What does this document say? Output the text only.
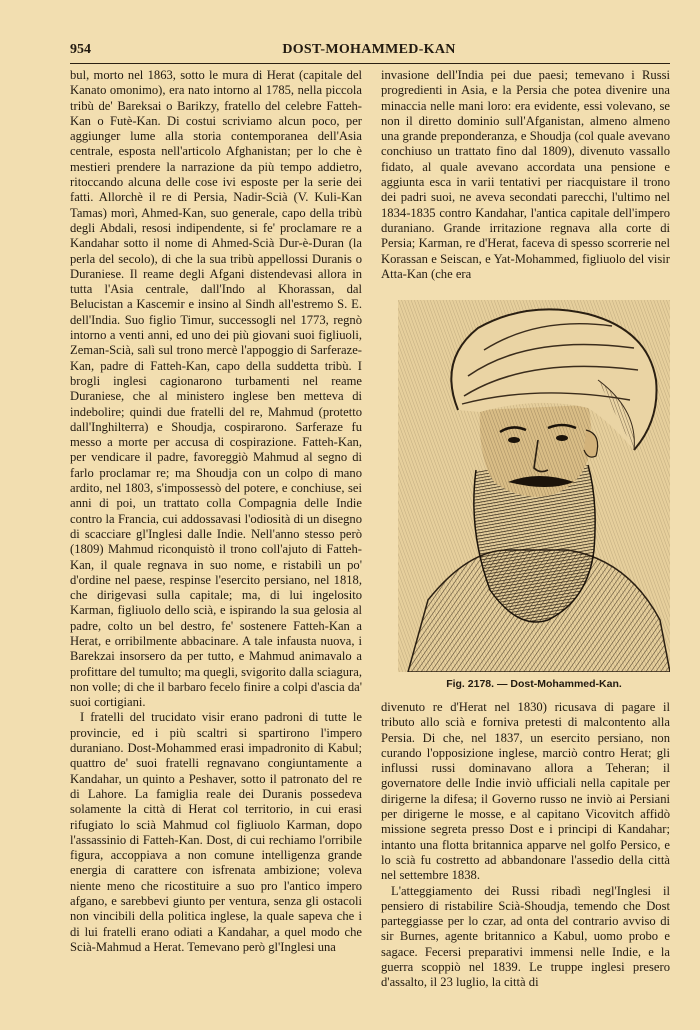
954	DOST-MOHAMMED-KAN

bul, morto nel 1863, sotto le mura di Herat (capitale del Kanato omonimo), era nato intorno al 1785, nella piccola tribù de' Bareksai o Barikzy, fratello del celebre Fatteh-Kan o Futè-Kan. Di costui scriviamo alcun poco, per aggiunger lume alla storia contemporanea dell'Asia centrale, esposta nell'articolo Afghanistan; per lo che è mestieri prendere la narrazione da più tempo addietro, ritoccando alcuna delle cose ivi esposte per la serie dei fatti. Allorchè il re di Persia, Nadir-Scià (V. Kuli-Kan Tamas) morì, Ahmed-Kan, suo generale, capo della tribù degli Abdali, resosi indipendente, si fe' proclamare re a Kandahar sotto il nome di Ahmed-Scià Dur-è-Duran (la perla del secolo), di che la sua tribù appellossi Duranis o Duraniese. Il reame degli Afgani distendevasi allora in tutta l'Asia centrale, dall'Indo al Khorassan, dal Belucistan a Kascemir e insino al Sindh all'estremo S. E. dell'India. Suo figlio Timur, successogli nel 1773, regnò intorno a venti anni, ed uno dei più giovani suoi figliuoli, Zeman-Scià, salì sul trono mercè l'appoggio di Sarferaze-Kan, padre di Fatteh-Kan, capo della suddetta tribù. I brogli inglesi cagionarono turbamenti nel reame Duraniese, che al ministero inglese ben metteva di indebolire; quindi due fratelli del re, Mahmud (protetto dall'Inghilterra) e Shoudja, cospirarono. Sarferaze fu messo a morte per accusa di cospirazione. Fatteh-Kan, per vendicare il padre, favoreggiò Mahmud al segno di farlo proclamar re; ma Shoudja con un colpo di mano ardito, nel 1803, s'impossessò del potere, e conchiuse, sei anni di poi, un trattato colla Compagnia delle Indie contro la Francia, cui addossavasi l'odiosità di un disegno di scacciare gl'Inglesi dalle Indie. Nell'anno stesso però (1809) Mahmud riconquistò il trono coll'ajuto di Fatteh-Kan, il quale regnava in suo nome, e ristabilì un po' d'ordine nel paese, respinse l'esercito persiano, nel 1818, che dirigevasi sulla capitale; ma, di lui ingelosito Karman, figliuolo dello scià, e ispirando la sua gelosia al padre, colto un bel destro, fe' sostenere Fatteh-Kan a Herat, e orribilmente abbacinare. A tale infausta nuova, i Barekzai insorsero da per tutto, e Mahmud animavalo a profittare del tumulto; ma quegli, svigorito dalla sciagura, non volle; di che il barbaro fecelo finire a colpi d'ascia da' suoi cortigiani.

I fratelli del trucidato visir erano padroni di tutte le provincie, ed i più scaltri si spartirono l'impero duraniano. Dost-Mohammed erasi impadronito di Kabul; quattro de' suoi fratelli regnavano congiuntamente a Kandahar, un quinto a Peshaver, sotto il patronato del re di Lahore. La famiglia reale dei Duranis possedeva solamente la città di Herat col territorio, in cui erasi rifugiato lo scià Mahmud col figliuolo Karman, dopo l'assassinio di Fatteh-Kan. Dost, di cui rechiamo l'orribile figura, accoppiava a non comune intelligenza grande energia di carattere con isfrenata ambizione; voleva niente meno che ricostituire a suo pro l'antico impero afgano, e sarebbevi giunto per ventura, senza gli ostacoli non vincibili della politica inglese, la quale sapeva che i di lui fratelli erano odiati a Kandahar, a quel modo che Scià-Mahmud a Herat. Temevano però gl'Inglesi una

invasione dell'India pei due paesi; temevano i Russi progredienti in Asia, e la Persia che potea divenire una minaccia nelle mani loro: era evidente, essi volevano, se non il diretto dominio sull'Afganistan, almeno almeno una grande preponderanza, e Shoudja (col quale avevano conchiuso un trattato fino dal 1809), divenuto vassallo fidato, al quale avevano accordata una pensione e aggiunta esca in varii tentativi per riacquistare il trono dei padri suoi, ne aveva secondati parecchi, l'ultimo nel 1834-1835 contro Kandahar, l'antica capitale dell'impero duraniano. Grande irritazione regnava alla corte di Persia; Karman, re d'Herat, faceva di spesso scorrerie nel Korassan e Seiscan, e Yat-Mohammed, figliuolo del visir Atta-Kan (che era

Fig. 2178. — Dost-Mohammed-Kan.

divenuto re d'Herat nel 1830) ricusava di pagare il tributo allo scià e forniva pretesti di malcontento alla Persia. Di che, nel 1837, un esercito persiano, non curando l'opposizione inglese, marciò contro Herat; gli influssi russi dominavano allora a Teheran; il governatore delle Indie inviò ufficiali nella capitale per dirigerne la difesa; il Governo russo ne inviò ai Persiani per dirigerne le mosse, e al capitano Vicovitch affidò missione segreta presso Dost e i principi di Kandahar; intanto una flotta britannica apparve nel golfo Persico, e lo scià fu costretto ad abbandonare l'assedio della città nel settembre 1838.

L'atteggiamento dei Russi ribadì negl'Inglesi il pensiero di ristabilire Scià-Shoudja, temendo che Dost parteggiasse per lo czar, ad onta del contrario avviso di sir Burnes, agente britannico a Kabul, uomo probo e sagace. Fecersi preparativi immensi nelle Indie, e la guerra scoppiò nel 1839. Le truppe inglesi presero d'assalto, il 23 luglio, la città di
